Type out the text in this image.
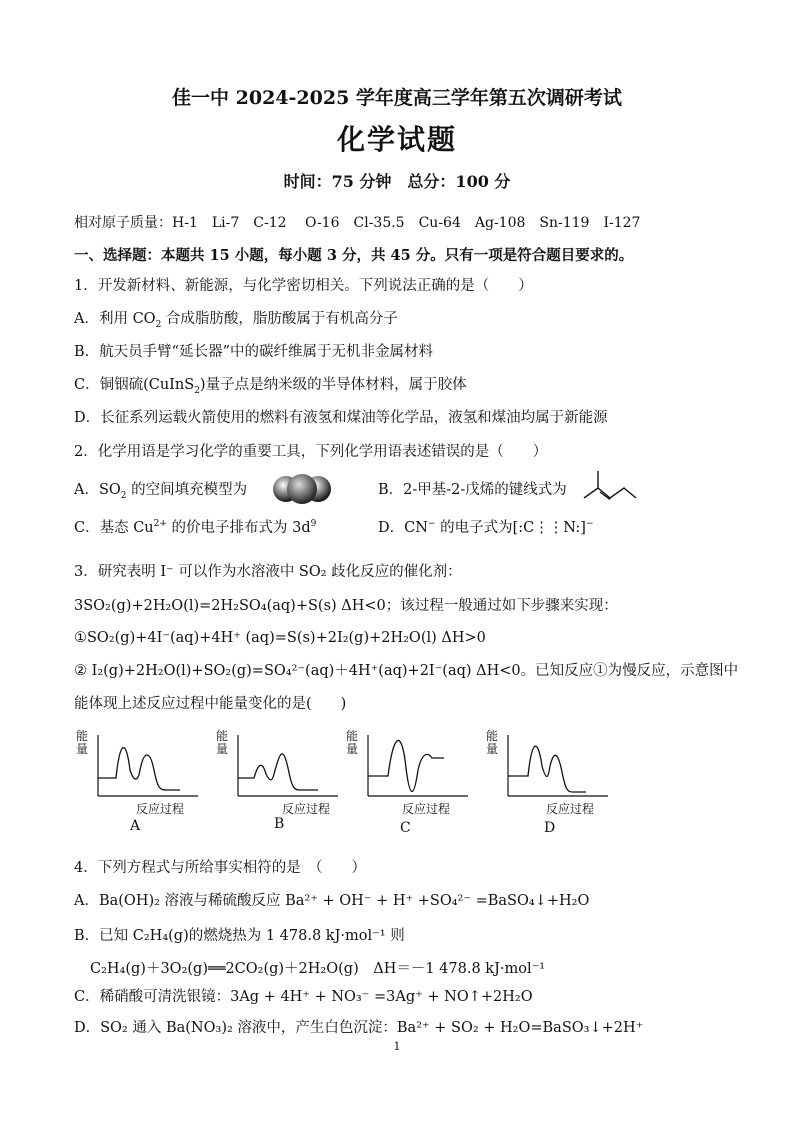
佳一中 2024-2025 学年度高三学年第五次调研考试
化学试题
时间：75 分钟　总分：100 分
相对原子质量：H-1　Li-7　C-12　 O-16　Cl-35.5　Cu-64　Ag-108　Sn-119　I-127
一、选择题：本题共 15 小题，每小题 3 分，共 45 分。只有一项是符合题目要求的。
1．开发新材料、新能源，与化学密切相关。下列说法正确的是（　　）
A．利用 $CO_2$ 合成脂肪酸，脂肪酸属于有机高分子
B．航天员手臂“延长器”中的碳纤维属于无机非金属材料
C．铜铟硫(CuInS$_2$)量子点是纳米级的半导体材料，属于胶体
D．长征系列运载火箭使用的燃料有液氢和煤油等化学品，液氢和煤油均属于新能源
2．化学用语是学习化学的重要工具，下列化学用语表述错误的是（　　）
A．$SO_2$ 的空间填充模型为	B．2-甲基-2-戊烯的键线式为
C．基态 $Cu^{2+}$ 的价电子排布式为 $3d^9$	D．CN− 的电子式为[:C⋮⋮N:]−
3．研究表明 I⁻ 可以作为水溶液中 SO₂ 歧化反应的催化剂：
3SO₂(g)+2H₂O(l)=2H₂SO₄(aq)+S(s) ΔH<0；该过程一般通过如下步骤来实现：
①SO₂(g)+4I⁻(aq)+4H⁺ (aq)=S(s)+2I₂(g)+2H₂O(l) ΔH>0
② I₂(g)+2H₂O(l)+SO₂(g)=SO₄²⁻(aq)＋4H⁺(aq)+2I⁻(aq) ΔH<0。已知反应①为慢反应，示意图中
能体现上述反应过程中能量变化的是(　　)
能量
能量
能量
能量
反应过程	反应过程	反应过程	反应过程
A	B	C	D
4．下列方程式与所给事实相符的是　（　　）
A．Ba(OH)₂ 溶液与稀硫酸反应 Ba²⁺ + OH⁻ + H⁺ +SO₄²⁻ =BaSO₄↓+H₂O
B．已知 C₂H₄(g)的燃烧热为 1 478.8 kJ·mol⁻¹ 则
C₂H₄(g)＋3O₂(g)══2CO₂(g)＋2H₂O(g)　ΔH＝－1 478.8 kJ·mol⁻¹
C．稀硝酸可清洗银镜：3Ag + 4H⁺ + NO₃⁻ =3Ag⁺ + NO↑+2H₂O
D．SO₂ 通入 Ba(NO₃)₂ 溶液中，产生白色沉淀：Ba²⁺ + SO₂ + H₂O=BaSO₃↓+2H⁺
1
